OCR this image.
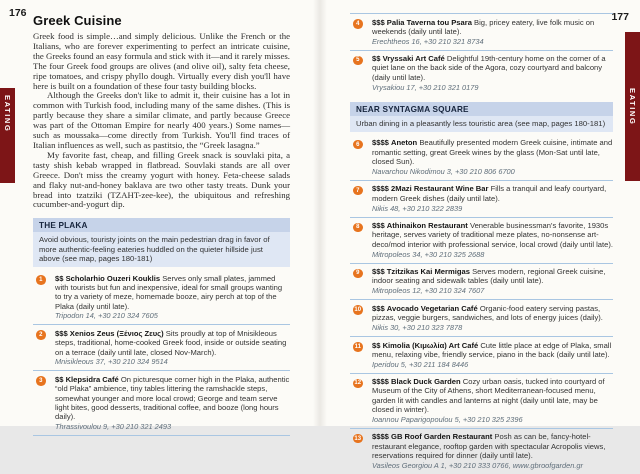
176
EATING
Greek Cuisine

Greek food is simple…and simply delicious. Unlike the French or the Italians, who are forever experimenting to perfect an intricate cuisine, the Greeks found an easy formula and stick with it—and it rarely misses. The four Greek food groups are olives (and olive oil), salty feta cheese, ripe tomatoes, and crispy phyllo dough. Virtually every dish you'll have here is built on a foundation of these four tasty building blocks.

Although the Greeks don't like to admit it, their cuisine has a lot in common with Turkish food, including many of the same dishes. (This is partly because they share a similar climate, and partly because Greece was part of the Ottoman Empire for nearly 400 years.) Some names—such as moussaka—come directly from Turkish. You'll find traces of Italian influences as well, such as pastitsio, the “Greek lasagna.”

My favorite fast, cheap, and filling Greek snack is souvlaki pita, a tasty shish kebab wrapped in flatbread. Souvlaki stands are all over Greece. Don't miss the creamy yogurt with honey. Feta-cheese salads and flaky nut-and-honey baklava are two other tasty treats. Dunk your bread into tzatziki (TZAHT-zee-kee), the ubiquitous and refreshing cucumber-and-yogurt dip.

THE PLAKA
Avoid obvious, touristy joints on the main pedestrian drag in favor of more authentic-feeling eateries huddled on the quieter hillside just above (see map, pages 180-181)
1	$$ Scholarhio Ouzeri Kouklis Serves only small plates, jammed with tourists but fun and inexpensive, ideal for small groups wanting to try a variety of meze, homemade booze, airy perch at top of the Plaka (daily until late).

Tripodon 14, +30 210 324 7605

2	$$$ Xenios Zeus (Ξένιος Ζευς) Sits proudly at top of Mnisikleous steps, traditional, home-cooked Greek food, inside or outside seating on a terrace (daily until late, closed Nov-March).

Mnisikleous 37, +30 210 324 9514

3	$$ Klepsidra Café On picturesque corner high in the Plaka, authentic “old Plaka” ambience, tiny tables littering the ramshackle steps, somewhat younger and more local crowd; George and team serve light bites, good desserts, traditional coffee, and booze (long hours daily).

Thrassivoulou 9, +30 210 321 2493

177
EATING
4	$$$ Palia Taverna tou Psara Big, pricey eatery, live folk music on weekends (daily until late).

Erechtheos 16, +30 210 321 8734

5	$$ Vryssaki Art Café Delightful 19th-century home on the corner of a quiet lane on the back side of the Agora, cozy courtyard and balcony (daily until late).

Vrysakiou 17, +30 210 321 0179

NEAR SYNTAGMA SQUARE
Urban dining in a pleasantly less touristic area (see map, pages 180-181)
6	$$$$ Aneton Beautifully presented modern Greek cuisine, intimate and romantic setting, great Greek wines by the glass (Mon-Sat until late, closed Sun).

Navarchou Nikodimou 3, +30 210 806 6700

7	$$$$ 2Mazi Restaurant Wine Bar Fills a tranquil and leafy courtyard, modern Greek dishes (daily until late).

Nikis 48, +30 210 322 2839

8	$$$ Athinaikon Restaurant Venerable businessman's favorite, 1930s heritage, serves variety of traditional meze plates, no-nonsense art-deco/mod interior with professional service, local crowd (daily until late).

Mitropoleos 34, +30 210 325 2688

9	$$$ Tzitzikas Kai Mermigas Serves modern, regional Greek cuisine, indoor seating and sidewalk tables (daily until late).

Mitropoleos 12, +30 210 324 7607

10 $$$ Avocado Vegetarian Café Organic-food eatery serving pastas, pizzas, veggie burgers, sandwiches, and lots of energy juices (daily).

Nikis 30, +30 210 323 7878

11 $$ Kimolia (Κιμωλία) Art Café Cute little place at edge of Plaka, small menu, relaxing vibe, friendly service, piano in the back (daily until late).

Iperidou 5, +30 211 184 8446

12 $$$$ Black Duck Garden Cozy urban oasis, tucked into courtyard of Museum of the City of Athens, short Mediterranean-focused menu, garden lit with candles and lanterns at night (daily until late, may be closed in winter).

Ioannou Paparigopoulou 5, +30 210 325 2396

13 $$$$ GB Roof Garden Restaurant Posh as can be, fancy-hotel-restaurant elegance, rooftop garden with spectacular Acropolis views, reservations required for dinner (daily until late).

Vasileos Georgiou A 1, +30 210 333 0766, www.gbroofgarden.gr
